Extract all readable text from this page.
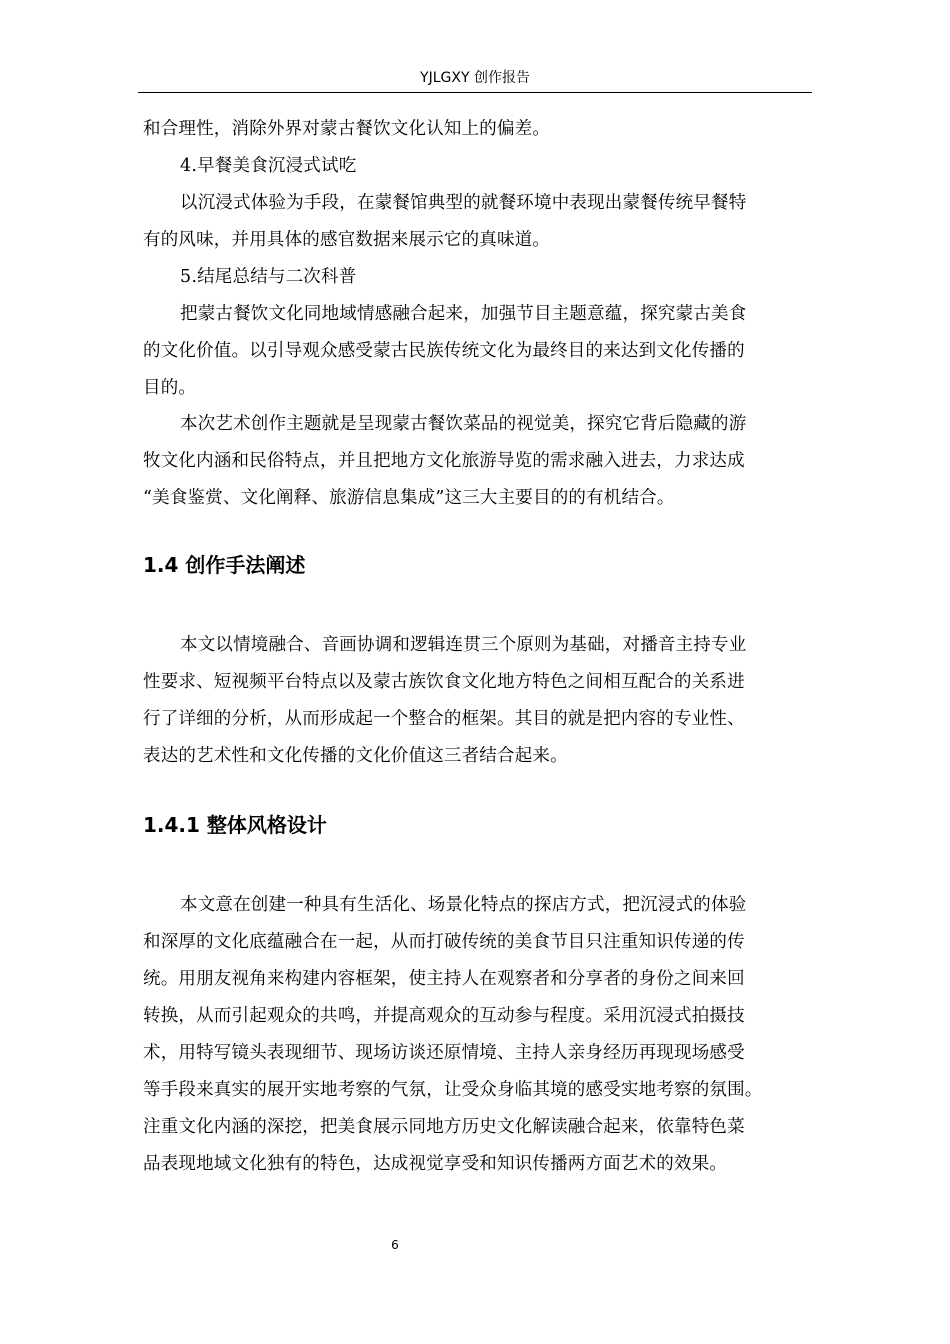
YJLGXY 创作报告
和合理性，消除外界对蒙古餐饮文化认知上的偏差。
4.早餐美食沉浸式试吃
以沉浸式体验为手段，在蒙餐馆典型的就餐环境中表现出蒙餐传统早餐特
有的风味，并用具体的感官数据来展示它的真味道。
5.结尾总结与二次科普
把蒙古餐饮文化同地域情感融合起来，加强节目主题意蕴，探究蒙古美食
的文化价值。以引导观众感受蒙古民族传统文化为最终目的来达到文化传播的
目的。
本次艺术创作主题就是呈现蒙古餐饮菜品的视觉美，探究它背后隐藏的游
牧文化内涵和民俗特点，并且把地方文化旅游导览的需求融入进去，力求达成
“美食鉴赏、文化阐释、旅游信息集成”这三大主要目的的有机结合。
1.4 创作手法阐述
本文以情境融合、音画协调和逻辑连贯三个原则为基础，对播音主持专业
性要求、短视频平台特点以及蒙古族饮食文化地方特色之间相互配合的关系进
行了详细的分析，从而形成起一个整合的框架。其目的就是把内容的专业性、
表达的艺术性和文化传播的文化价值这三者结合起来。
1.4.1 整体风格设计
本文意在创建一种具有生活化、场景化特点的探店方式，把沉浸式的体验
和深厚的文化底蕴融合在一起，从而打破传统的美食节目只注重知识传递的传
统。用朋友视角来构建内容框架，使主持人在观察者和分享者的身份之间来回
转换，从而引起观众的共鸣，并提高观众的互动参与程度。采用沉浸式拍摄技
术，用特写镜头表现细节、现场访谈还原情境、主持人亲身经历再现现场感受
等手段来真实的展开实地考察的气氛，让受众身临其境的感受实地考察的氛围。
注重文化内涵的深挖，把美食展示同地方历史文化解读融合起来，依靠特色菜
品表现地域文化独有的特色，达成视觉享受和知识传播两方面艺术的效果。
6
